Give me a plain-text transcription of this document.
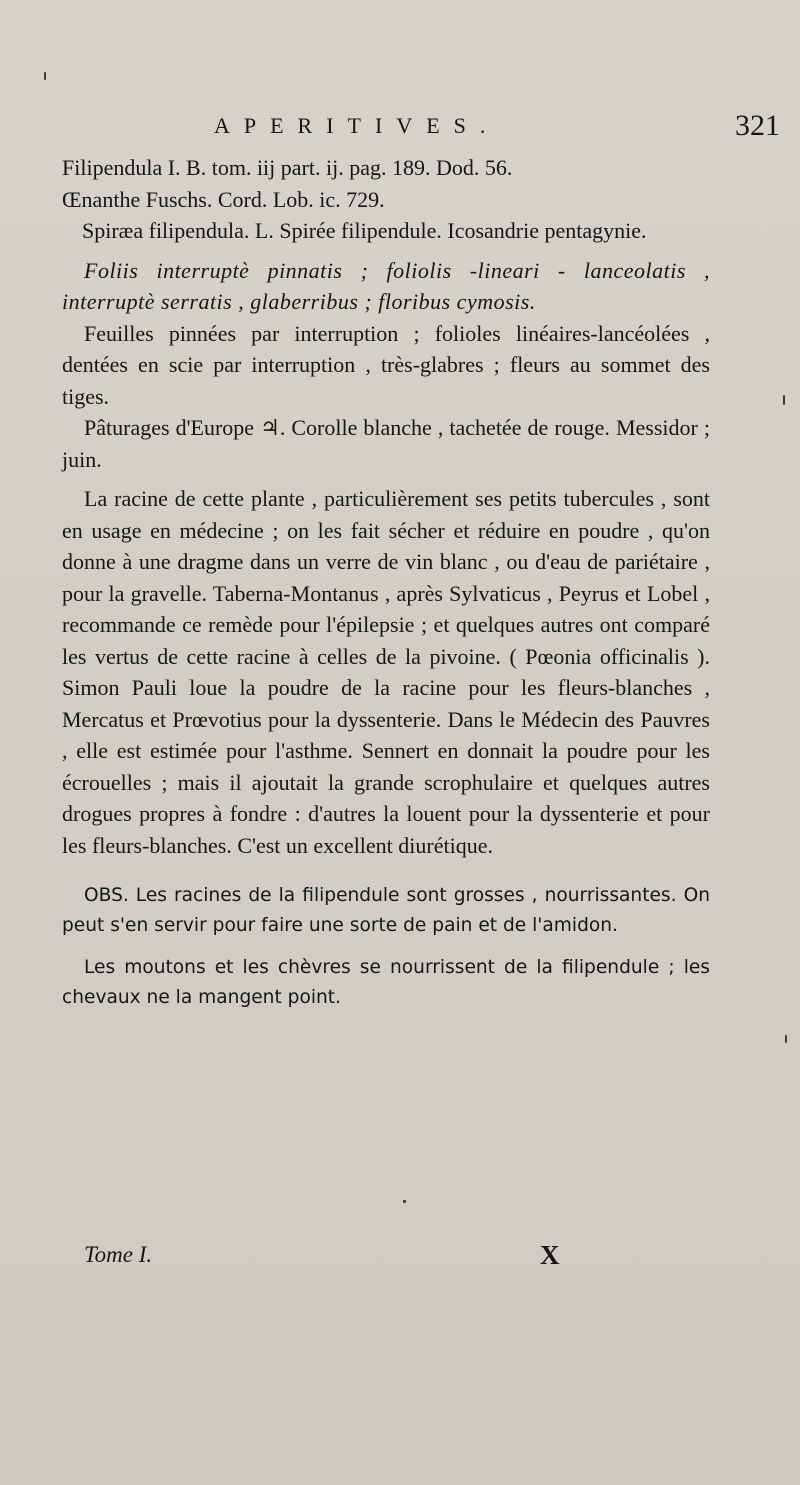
APERITIVES.	321

Filipendula I. B. tom. iij part. ij. pag. 189. Dod. 56.

Œnanthe Fuschs. Cord. Lob. ic. 729.

Spiræa filipendula. L. Spirée filipendule. Icosandrie pentagynie.

Foliis interruptè pinnatis ; foliolis -lineari - lanceolatis , interruptè serratis , glaberribus ; floribus cymosis.

Feuilles pinnées par interruption ; folioles linéaires-lancéolées , dentées en scie par interruption , très-glabres ; fleurs au sommet des tiges.

Pâturages d'Europe ♃. Corolle blanche , tachetée de rouge. Messidor ; juin.

La racine de cette plante , particulièrement ses petits tubercules , sont en usage en médecine ; on les fait sécher et réduire en poudre , qu'on donne à une dragme dans un verre de vin blanc , ou d'eau de pariétaire , pour la gravelle. Taberna-Montanus , après Sylvaticus , Peyrus et Lobel , recommande ce remède pour l'épilepsie ; et quelques autres ont comparé les vertus de cette racine à celles de la pivoine. ( Pœonia officinalis ). Simon Pauli loue la poudre de la racine pour les fleurs-blanches , Mercatus et Prœvotius pour la dyssenterie. Dans le Médecin des Pauvres , elle est estimée pour l'asthme. Sennert en donnait la poudre pour les écrouelles ; mais il ajoutait la grande scrophulaire et quelques autres drogues propres à fondre : d'autres la louent pour la dyssenterie et pour les fleurs-blanches. C'est un excellent diurétique.

OBS. Les racines de la filipendule sont grosses , nourrissantes. On peut s'en servir pour faire une sorte de pain et de l'amidon.

Les moutons et les chèvres se nourrissent de la filipendule ; les chevaux ne la mangent point.

Tome I.	X
